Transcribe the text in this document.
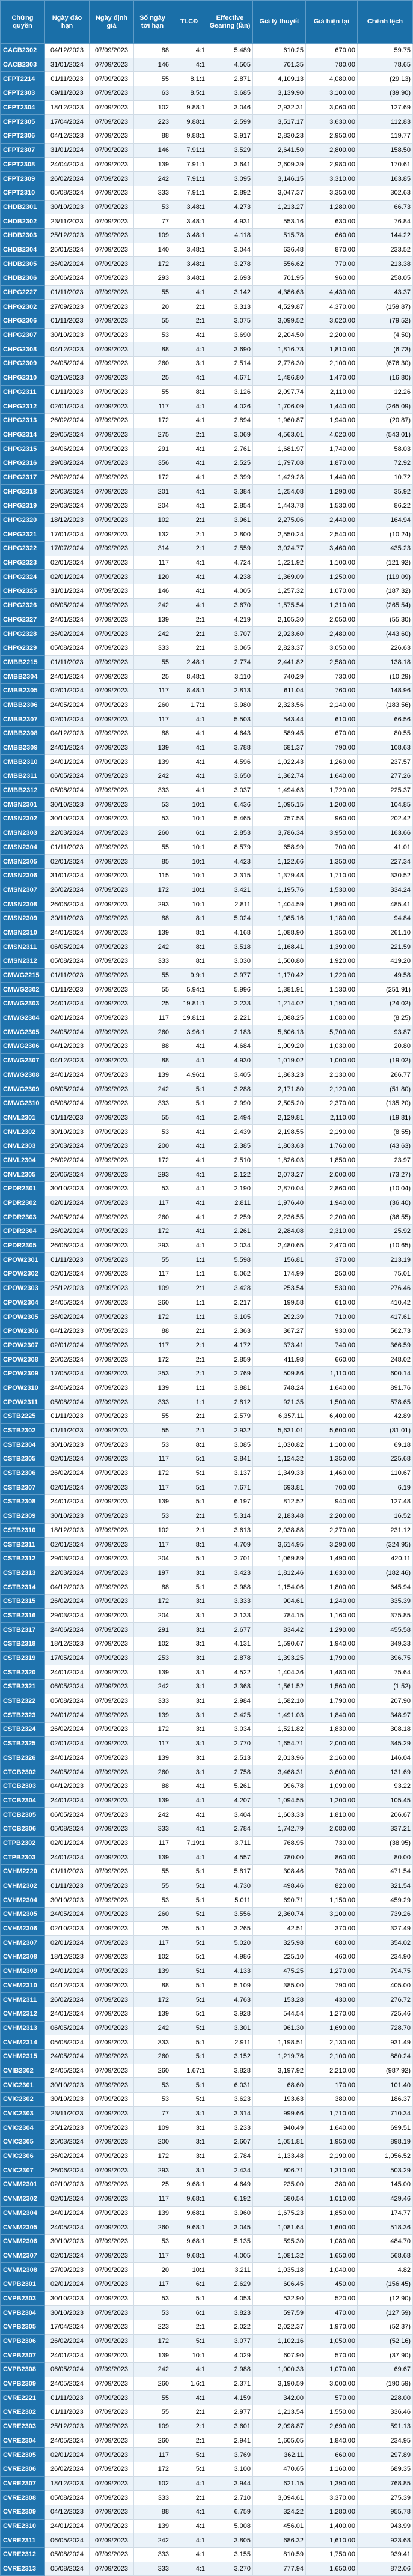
Chứng quyền	Ngày đáo hạn	Ngày định giá	Số ngày tới hạn	TLCĐ	Effective Gearing (lần)	Giá lý thuyết	Giá hiện tại	Chênh lệch
CACB2302	04/12/2023	07/09/2023	88	4:1	5.489	610.25	670.00	59.75
CACB2303	31/01/2024	07/09/2023	146	4:1	4.505	701.35	780.00	78.65
CFPT2214	01/11/2023	07/09/2023	55	8.1:1	2.871	4,109.13	4,080.00	(29.13)
CFPT2303	09/11/2023	07/09/2023	63	8.5:1	3.685	3,139.90	3,100.00	(39.90)
CFPT2304	18/12/2023	07/09/2023	102	9.88:1	3.046	2,932.31	3,060.00	127.69
CFPT2305	17/04/2024	07/09/2023	223	9.88:1	2.599	3,517.17	3,630.00	112.83
CFPT2306	04/12/2023	07/09/2023	88	9.88:1	3.917	2,830.23	2,950.00	119.77
CFPT2307	31/01/2024	07/09/2023	146	7.91:1	3.529	2,641.50	2,800.00	158.50
CFPT2308	24/04/2024	07/09/2023	139	7.91:1	3.641	2,609.39	2,980.00	170.61
CFPT2309	26/02/2024	07/09/2023	242	7.91:1	3.095	3,146.15	3,310.00	163.85
CFPT2310	05/08/2024	07/09/2023	333	7.91:1	2.892	3,047.37	3,350.00	302.63
CHDB2301	30/10/2023	07/09/2023	53	3.48:1	4.273	1,213.27	1,280.00	66.73
CHDB2302	23/11/2023	07/09/2023	77	3.48:1	4.931	553.16	630.00	76.84
CHDB2303	25/12/2023	07/09/2023	109	3.48:1	4.118	515.78	660.00	144.22
CHDB2304	25/01/2024	07/09/2023	140	3.48:1	3.044	636.48	870.00	233.52
CHDB2305	26/02/2024	07/09/2023	172	3.48:1	3.278	556.62	770.00	213.38
CHDB2306	26/06/2024	07/09/2023	293	3.48:1	2.693	701.95	960.00	258.05
CHPG2227	01/11/2023	07/09/2023	55	4:1	3.142	4,386.63	4,430.00	43.37
CHPG2302	27/09/2023	07/09/2023	20	2:1	3.313	4,529.87	4,370.00	(159.87)
CHPG2306	01/11/2023	07/09/2023	55	2:1	3.075	3,099.52	3,020.00	(79.52)
CHPG2307	30/10/2023	07/09/2023	53	4:1	3.690	2,204.50	2,200.00	(4.50)
CHPG2308	04/12/2023	07/09/2023	88	4:1	3.690	1,816.73	1,810.00	(6.73)
CHPG2309	24/05/2024	07/09/2023	260	3:1	2.514	2,776.30	2,100.00	(676.30)
CHPG2310	02/10/2023	07/09/2023	25	4:1	4.671	1,486.80	1,470.00	(16.80)
CHPG2311	01/11/2023	07/09/2023	55	8:1	3.126	2,097.74	2,110.00	12.26
CHPG2312	02/01/2024	07/09/2023	117	4:1	4.026	1,706.09	1,440.00	(265.09)
CHPG2313	26/02/2024	07/09/2023	172	4:1	2.894	1,960.87	1,940.00	(20.87)
CHPG2314	29/05/2024	07/09/2023	275	2:1	3.069	4,563.01	4,020.00	(543.01)
CHPG2315	24/06/2024	07/09/2023	291	4:1	2.761	1,681.97	1,740.00	58.03
CHPG2316	29/08/2024	07/09/2023	356	4:1	2.525	1,797.08	1,870.00	72.92
CHPG2317	26/02/2024	07/09/2023	172	4:1	3.399	1,429.28	1,440.00	10.72
CHPG2318	26/03/2024	07/09/2023	201	4:1	3.384	1,254.08	1,290.00	35.92
CHPG2319	29/03/2024	07/09/2023	204	4:1	2.854	1,443.78	1,530.00	86.22
CHPG2320	18/12/2023	07/09/2023	102	2:1	3.961	2,275.06	2,440.00	164.94
CHPG2321	17/01/2024	07/09/2023	132	2:1	2.800	2,550.24	2,540.00	(10.24)
CHPG2322	17/07/2024	07/09/2023	314	2:1	2.559	3,024.77	3,460.00	435.23
CHPG2323	02/01/2024	07/09/2023	117	4:1	4.724	1,221.92	1,100.00	(121.92)
CHPG2324	02/01/2024	07/09/2023	120	4:1	4.238	1,369.09	1,250.00	(119.09)
CHPG2325	31/01/2024	07/09/2023	146	4:1	4.005	1,257.32	1,070.00	(187.32)
CHPG2326	06/05/2024	07/09/2023	242	4:1	3.670	1,575.54	1,310.00	(265.54)
CHPG2327	24/01/2024	07/09/2023	139	2:1	4.219	2,105.30	2,050.00	(55.30)
CHPG2328	26/02/2024	07/09/2023	242	2:1	3.707	2,923.60	2,480.00	(443.60)
CHPG2329	05/08/2024	07/09/2023	333	2:1	3.065	2,823.37	3,050.00	226.63
CMBB2215	01/11/2023	07/09/2023	55	2.48:1	2.774	2,441.82	2,580.00	138.18
CMBB2304	24/01/2024	07/09/2023	25	8.48:1	3.110	740.29	730.00	(10.29)
CMBB2305	02/01/2024	07/09/2023	117	8.48:1	2.813	611.04	760.00	148.96
CMBB2306	24/05/2024	07/09/2023	260	1.7:1	3.980	2,323.56	2,140.00	(183.56)
CMBB2307	02/01/2024	07/09/2023	117	4:1	5.503	543.44	610.00	66.56
CMBB2308	04/12/2023	07/09/2023	88	4:1	4.643	589.45	670.00	80.55
CMBB2309	24/01/2024	07/09/2023	139	4:1	3.788	681.37	790.00	108.63
CMBB2310	24/01/2024	07/09/2023	139	4:1	4.596	1,022.43	1,260.00	237.57
CMBB2311	06/05/2024	07/09/2023	242	4:1	3.650	1,362.74	1,640.00	277.26
CMBB2312	05/08/2024	07/09/2023	333	4:1	3.037	1,494.63	1,720.00	225.37
CMSN2301	30/10/2023	07/09/2023	53	10:1	6.436	1,095.15	1,200.00	104.85
CMSN2302	30/10/2023	07/09/2023	53	10:1	5.465	757.58	960.00	202.42
CMSN2303	22/03/2024	07/09/2023	260	6:1	2.853	3,786.34	3,950.00	163.66
CMSN2304	01/11/2023	07/09/2023	55	10:1	8.579	658.99	700.00	41.01
CMSN2305	02/01/2024	07/09/2023	85	10:1	4.423	1,122.66	1,350.00	227.34
CMSN2306	31/01/2024	07/09/2023	115	10:1	3.315	1,379.48	1,710.00	330.52
CMSN2307	26/02/2024	07/09/2023	172	10:1	3.421	1,195.76	1,530.00	334.24
CMSN2308	26/06/2024	07/09/2023	293	10:1	2.811	1,404.59	1,890.00	485.41
CMSN2309	30/11/2023	07/09/2023	88	8:1	5.024	1,085.16	1,180.00	94.84
CMSN2310	24/01/2024	07/09/2023	139	8:1	4.168	1,088.90	1,350.00	261.10
CMSN2311	06/05/2024	07/09/2023	242	8:1	3.518	1,168.41	1,390.00	221.59
CMSN2312	05/08/2024	07/09/2023	333	8:1	3.030	1,500.80	1,920.00	419.20
CMWG2215	01/11/2023	07/09/2023	55	9.9:1	3.977	1,170.42	1,220.00	49.58
CMWG2302	01/11/2023	07/09/2023	55	5.94:1	5.996	1,381.91	1,130.00	(251.91)
CMWG2303	24/01/2024	07/09/2023	25	19.81:1	2.233	1,214.02	1,190.00	(24.02)
CMWG2304	02/01/2024	07/09/2023	117	19.81:1	2.221	1,088.25	1,080.00	(8.25)
CMWG2305	24/05/2024	07/09/2023	260	3.96:1	2.183	5,606.13	5,700.00	93.87
CMWG2306	04/12/2023	07/09/2023	88	4:1	4.684	1,009.20	1,030.00	20.80
CMWG2307	04/12/2023	07/09/2023	88	4:1	4.930	1,019.02	1,000.00	(19.02)
CMWG2308	24/01/2024	07/09/2023	139	4.96:1	3.405	1,863.23	2,130.00	266.77
CMWG2309	06/05/2024	07/09/2023	242	5:1	3.288	2,171.80	2,120.00	(51.80)
CMWG2310	05/08/2024	07/09/2023	333	5:1	2.990	2,505.20	2,370.00	(135.20)
CNVL2301	01/11/2023	07/09/2023	55	4:1	2.494	2,129.81	2,110.00	(19.81)
CNVL2302	30/10/2023	07/09/2023	53	4:1	2.439	2,198.55	2,190.00	(8.55)
CNVL2303	25/03/2024	07/09/2023	200	4:1	2.385	1,803.63	1,760.00	(43.63)
CNVL2304	26/02/2024	07/09/2023	172	4:1	2.510	1,826.03	1,850.00	23.97
CNVL2305	26/06/2024	07/09/2023	293	4:1	2.122	2,073.27	2,000.00	(73.27)
CPDR2301	30/10/2023	07/09/2023	53	4:1	2.190	2,870.04	2,860.00	(10.04)
CPDR2302	02/01/2024	07/09/2023	117	4:1	2.811	1,976.40	1,940.00	(36.40)
CPDR2303	24/05/2024	07/09/2023	260	4:1	2.259	2,236.55	2,200.00	(36.55)
CPDR2304	26/02/2024	07/09/2023	172	4:1	2.261	2,284.08	2,310.00	25.92
CPDR2305	26/06/2024	07/09/2023	293	4:1	2.034	2,480.65	2,470.00	(10.65)
CPOW2301	01/11/2023	07/09/2023	55	1:1	5.598	156.81	370.00	213.19
CPOW2302	02/01/2024	07/09/2023	117	1:1	5.062	174.99	250.00	75.01
CPOW2303	25/12/2023	07/09/2023	109	2:1	3.428	253.54	530.00	276.46
CPOW2304	24/05/2024	07/09/2023	260	1:1	2.217	199.58	610.00	410.42
CPOW2305	26/02/2024	07/09/2023	172	1:1	3.105	292.39	710.00	417.61
CPOW2306	04/12/2023	07/09/2023	88	2:1	2.363	367.27	930.00	562.73
CPOW2307	02/01/2024	07/09/2023	117	2:1	4.172	373.41	740.00	366.59
CPOW2308	26/02/2024	07/09/2023	172	2:1	2.859	411.98	660.00	248.02
CPOW2309	17/05/2024	07/09/2023	253	2:1	2.769	509.86	1,110.00	600.14
CPOW2310	24/06/2024	07/09/2023	139	1:1	3.881	748.24	1,640.00	891.76
CPOW2311	05/08/2024	07/09/2023	333	1:1	2.812	921.35	1,500.00	578.65
CSTB2225	01/11/2023	07/09/2023	55	2:1	2.579	6,357.11	6,400.00	42.89
CSTB2302	01/11/2023	07/09/2023	55	2:1	2.932	5,631.01	5,600.00	(31.01)
CSTB2304	30/10/2023	07/09/2023	53	8:1	3.085	1,030.82	1,100.00	69.18
CSTB2305	02/01/2024	07/09/2023	117	5:1	3.841	1,124.32	1,350.00	225.68
CSTB2306	26/02/2024	07/09/2023	172	5:1	3.137	1,349.33	1,460.00	110.67
CSTB2307	02/01/2024	07/09/2023	117	5:1	7.671	693.81	700.00	6.19
CSTB2308	24/01/2024	07/09/2023	139	5:1	6.197	812.52	940.00	127.48
CSTB2309	30/10/2023	07/09/2023	53	2:1	5.314	2,183.48	2,200.00	16.52
CSTB2310	18/12/2023	07/09/2023	102	2:1	3.613	2,038.88	2,270.00	231.12
CSTB2311	02/01/2024	07/09/2023	117	8:1	4.709	3,614.95	3,290.00	(324.95)
CSTB2312	29/03/2024	07/09/2023	204	5:1	2.701	1,069.89	1,490.00	420.11
CSTB2313	22/03/2024	07/09/2023	197	3:1	3.423	1,812.46	1,630.00	(182.46)
CSTB2314	04/12/2023	07/09/2023	88	5:1	3.988	1,154.06	1,800.00	645.94
CSTB2315	26/02/2024	07/09/2023	172	3:1	3.333	904.61	1,240.00	335.39
CSTB2316	29/03/2024	07/09/2023	204	3:1	3.133	784.15	1,160.00	375.85
CSTB2317	24/06/2024	07/09/2023	291	3:1	2.677	834.42	1,290.00	455.58
CSTB2318	18/12/2023	07/09/2023	102	3:1	4.131	1,590.67	1,940.00	349.33
CSTB2319	17/05/2024	07/09/2023	253	3:1	2.878	1,393.25	1,790.00	396.75
CSTB2320	24/01/2024	07/09/2023	139	3:1	4.522	1,404.36	1,480.00	75.64
CSTB2321	06/05/2024	07/09/2023	242	3:1	3.368	1,561.52	1,560.00	(1.52)
CSTB2322	05/08/2024	07/09/2023	333	3:1	2.984	1,582.10	1,790.00	207.90
CSTB2323	24/01/2024	07/09/2023	139	3:1	3.425	1,491.03	1,840.00	348.97
CSTB2324	26/02/2024	07/09/2023	172	3:1	3.034	1,521.82	1,830.00	308.18
CSTB2325	02/01/2024	07/09/2023	117	3:1	2.770	1,654.71	2,000.00	345.29
CSTB2326	24/01/2024	07/09/2023	139	3:1	2.513	2,013.96	2,160.00	146.04
CTCB2302	24/05/2024	07/09/2023	260	3:1	2.758	3,468.31	3,600.00	131.69
CTCB2303	04/12/2023	07/09/2023	88	4:1	5.261	996.78	1,090.00	93.22
CTCB2304	24/01/2024	07/09/2023	139	4:1	4.207	1,094.55	1,200.00	105.45
CTCB2305	06/05/2024	07/09/2023	242	4:1	3.404	1,603.33	1,810.00	206.67
CTCB2306	05/08/2024	07/09/2023	333	4:1	2.784	1,742.79	2,080.00	337.21
CTPB2302	02/01/2024	07/09/2023	117	7.19:1	3.711	768.95	730.00	(38.95)
CTPB2303	24/01/2024	07/09/2023	139	4:1	4.557	780.00	860.00	80.00
CVHM2220	01/11/2023	07/09/2023	55	5:1	5.817	308.46	780.00	471.54
CVHM2302	01/11/2023	07/09/2023	55	5:1	4.730	498.46	820.00	321.54
CVHM2304	30/10/2023	07/09/2023	53	5:1	5.011	690.71	1,150.00	459.29
CVHM2305	24/05/2024	07/09/2023	260	5:1	3.556	2,360.74	3,100.00	739.26
CVHM2306	02/10/2023	07/09/2023	25	5:1	3.265	42.51	370.00	327.49
CVHM2307	02/01/2024	07/09/2023	117	5:1	5.020	325.98	680.00	354.02
CVHM2308	18/12/2023	07/09/2023	102	5:1	4.986	225.10	460.00	234.90
CVHM2309	24/01/2024	07/09/2023	139	5:1	4.133	475.25	1,270.00	794.75
CVHM2310	04/12/2023	07/09/2023	88	5:1	5.109	385.00	790.00	405.00
CVHM2311	26/02/2024	07/09/2023	172	5:1	4.763	153.28	430.00	276.72
CVHM2312	24/01/2024	07/09/2023	139	5:1	3.928	544.54	1,270.00	725.46
CVHM2313	06/05/2024	07/09/2023	242	5:1	3.301	961.30	1,690.00	728.70
CVHM2314	05/08/2024	07/09/2023	333	5:1	2.911	1,198.51	2,130.00	931.49
CVHM2315	24/05/2024	07/09/2023	260	5:1	3.152	1,219.76	2,100.00	880.24
CVIB2302	24/05/2024	07/09/2023	260	1.67:1	3.828	3,197.92	2,210.00	(987.92)
CVIC2301	30/10/2023	07/09/2023	53	5:1	6.031	68.60	170.00	101.40
CVIC2302	30/10/2023	07/09/2023	53	5:1	3.623	193.63	380.00	186.37
CVIC2303	23/11/2023	07/09/2023	77	3:1	3.314	999.66	1,710.00	710.34
CVIC2304	25/12/2023	07/09/2023	109	3:1	3.233	940.49	1,640.00	699.51
CVIC2305	25/03/2024	07/09/2023	200	3:1	2.607	1,051.81	1,950.00	898.19
CVIC2306	26/02/2024	07/09/2023	172	3:1	2.784	1,133.48	2,190.00	1,056.52
CVIC2307	26/06/2024	07/09/2023	293	3:1	2.434	806.71	1,310.00	503.29
CVNM2301	02/10/2023	07/09/2023	25	9.68:1	4.649	235.00	380.00	145.00
CVNM2302	02/01/2024	07/09/2023	117	9.68:1	6.192	580.54	1,010.00	429.46
CVNM2304	24/01/2024	07/09/2023	139	9.68:1	3.960	1,675.23	1,850.00	174.77
CVNM2305	24/05/2024	07/09/2023	260	9.68:1	3.045	1,081.64	1,600.00	518.36
CVNM2306	30/10/2023	07/09/2023	53	9.68:1	5.135	595.30	1,080.00	484.70
CVNM2307	02/01/2024	07/09/2023	117	9.68:1	4.005	1,081.32	1,650.00	568.68
CVNM2308	27/09/2023	07/09/2023	20	10:1	3.211	1,035.18	1,040.00	4.82
CVPB2301	02/01/2024	07/09/2023	117	6:1	2.629	606.45	450.00	(156.45)
CVPB2303	30/10/2023	07/09/2023	53	5:1	4.053	532.90	520.00	(12.90)
CVPB2304	30/10/2023	07/09/2023	53	6:1	3.823	597.59	470.00	(127.59)
CVPB2305	17/04/2024	07/09/2023	223	2:1	2.022	2,022.37	1,970.00	(52.37)
CVPB2306	26/02/2024	07/09/2023	172	5:1	3.077	1,102.16	1,050.00	(52.16)
CVPB2307	24/01/2024	07/09/2023	139	10:1	4.029	607.90	570.00	(37.90)
CVPB2308	06/05/2024	07/09/2023	242	4:1	2.988	1,000.33	1,070.00	69.67
CVPB2309	24/05/2024	07/09/2023	260	1.6:1	2.371	3,190.59	3,000.00	(190.59)
CVRE2221	01/11/2023	07/09/2023	55	4:1	4.159	342.00	570.00	228.00
CVRE2302	01/11/2023	07/09/2023	55	2:1	2.977	1,213.54	1,550.00	336.46
CVRE2303	25/12/2023	07/09/2023	109	2:1	3.601	2,098.87	2,690.00	591.13
CVRE2304	24/05/2024	07/09/2023	260	2:1	2.941	1,605.05	1,840.00	234.95
CVRE2305	02/01/2024	07/09/2023	117	5:1	3.769	362.11	660.00	297.89
CVRE2306	26/02/2024	07/09/2023	172	5:1	3.100	470.65	1,160.00	689.35
CVRE2307	18/12/2023	07/09/2023	102	4:1	3.944	621.15	1,390.00	768.85
CVRE2308	05/08/2024	07/09/2023	333	2:1	2.710	3,094.61	3,370.00	275.39
CVRE2309	04/12/2023	07/09/2023	88	4:1	6.759	324.22	1,280.00	955.78
CVRE2310	24/01/2024	07/09/2023	139	4:1	5.008	456.01	1,400.00	943.99
CVRE2311	06/05/2024	07/09/2023	242	4:1	3.805	686.32	1,610.00	923.68
CVRE2312	05/08/2024	07/09/2023	333	4:1	3.155	810.59	1,750.00	939.41
CVRE2313	05/08/2024	07/09/2023	333	4:1	3.270	777.94	1,650.00	872.06
